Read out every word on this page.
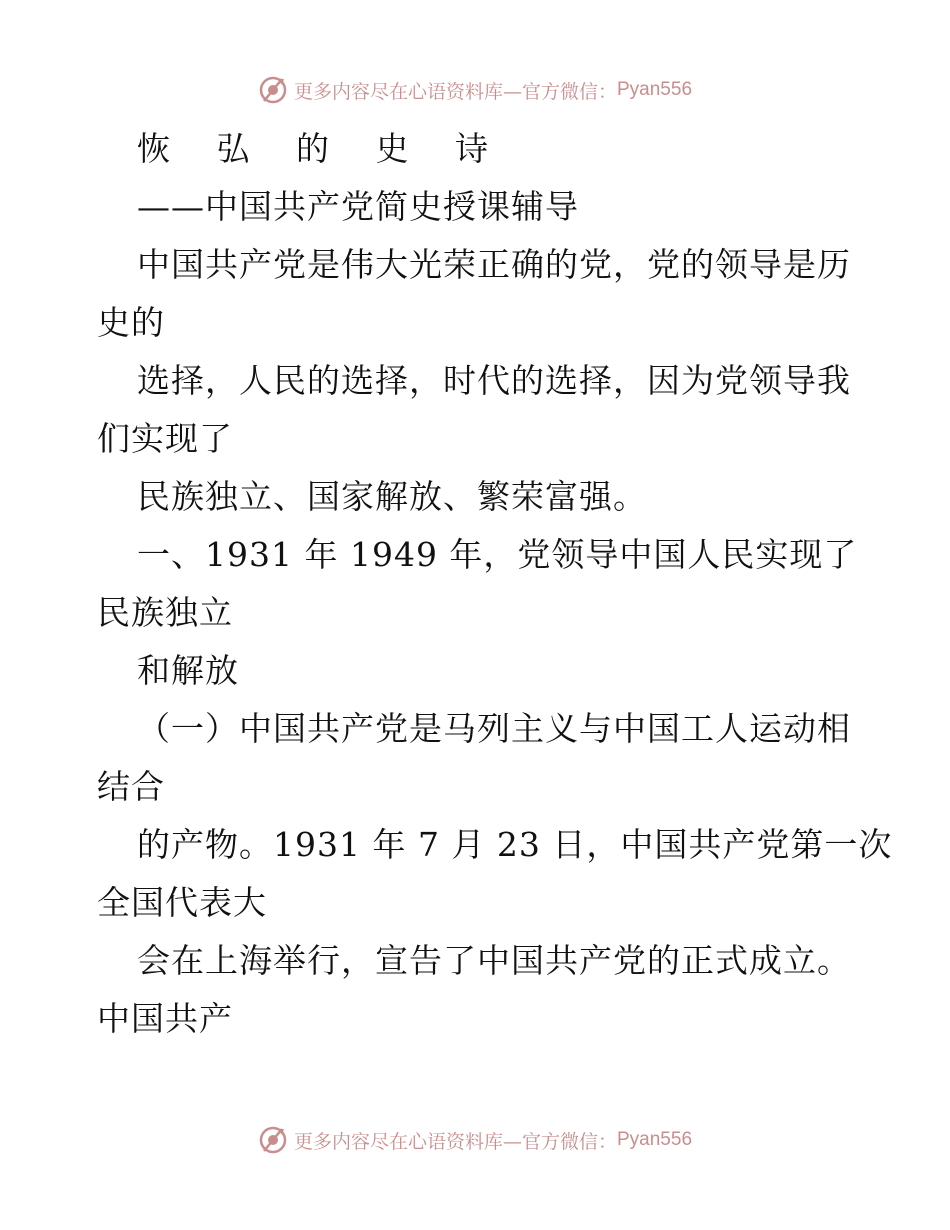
更多内容尽在心语资料库—官方微信： Pyan556
恢 弘 的 史 诗
——中国共产党简史授课辅导
中国共产党是伟大光荣正确的党，党的领导是历
史的
选择，人民的选择，时代的选择，因为党领导我
们实现了
民族独立、国家解放、繁荣富强。
一、1931 年 1949 年，党领导中国人民实现了
民族独立
和解放
（一）中国共产党是马列主义与中国工人运动相
结合
的产物。1931 年 7 月 23 日，中国共产党第一次
全国代表大
会在上海举行，宣告了中国共产党的正式成立。
中国共产
更多内容尽在心语资料库—官方微信： Pyan556
